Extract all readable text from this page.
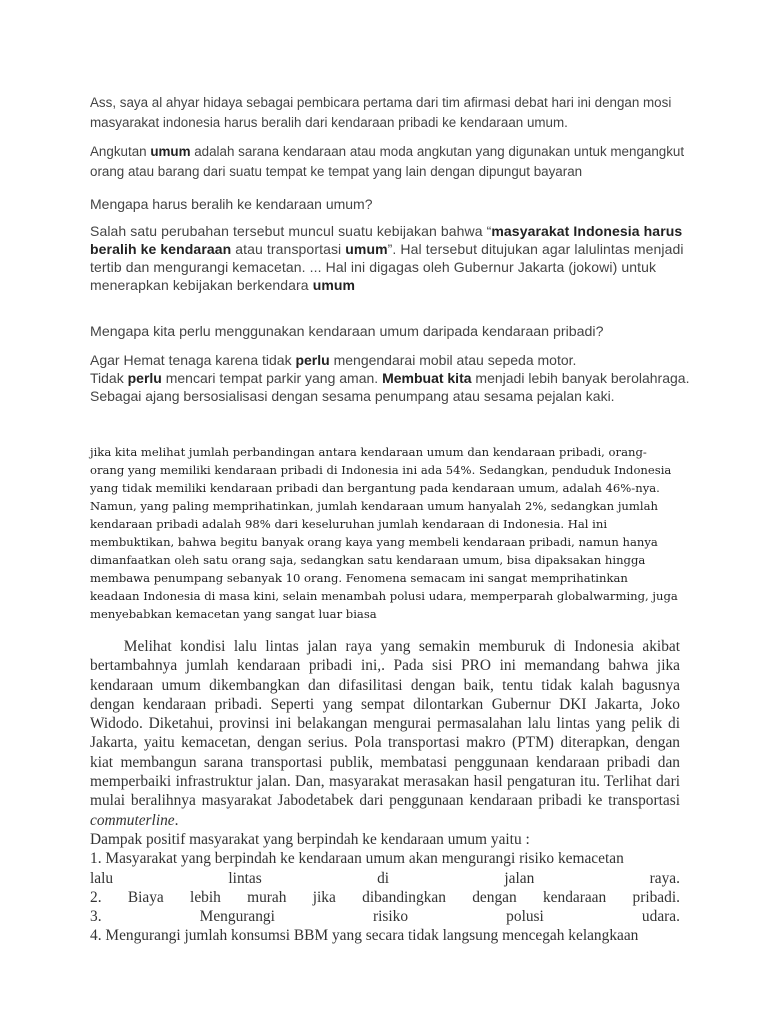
Ass, saya al ahyar hidaya sebagai pembicara pertama dari tim afirmasi debat hari ini dengan mosi masyarakat indonesia harus beralih dari kendaraan pribadi ke kendaraan umum.

Angkutan umum adalah sarana kendaraan atau moda angkutan yang digunakan untuk mengangkut orang atau barang dari suatu tempat ke tempat yang lain dengan dipungut bayaran

Mengapa harus beralih ke kendaraan umum?

Salah satu perubahan tersebut muncul suatu kebijakan bahwa “masyarakat Indonesia harus beralih ke kendaraan atau transportasi umum”. Hal tersebut ditujukan agar lalulintas menjadi tertib dan mengurangi kemacetan. ... Hal ini digagas oleh Gubernur Jakarta (jokowi) untuk menerapkan kebijakan berkendara umum

Mengapa kita perlu menggunakan kendaraan umum daripada kendaraan pribadi?

Agar Hemat tenaga karena tidak perlu mengendarai mobil atau sepeda motor.
Tidak perlu mencari tempat parkir yang aman. Membuat kita menjadi lebih banyak berolahraga. Sebagai ajang bersosialisasi dengan sesama penumpang atau sesama pejalan kaki.

jika kita melihat jumlah perbandingan antara kendaraan umum dan kendaraan pribadi, orang-orang yang memiliki kendaraan pribadi di Indonesia ini ada 54%. Sedangkan, penduduk Indonesia yang tidak memiliki kendaraan pribadi dan bergantung pada kendaraan umum, adalah 46%-nya. Namun, yang paling memprihatinkan, jumlah kendaraan umum hanyalah 2%, sedangkan jumlah kendaraan pribadi adalah 98% dari keseluruhan jumlah kendaraan di Indonesia. Hal ini membuktikan, bahwa begitu banyak orang kaya yang membeli kendaraan pribadi, namun hanya dimanfaatkan oleh satu orang saja, sedangkan satu kendaraan umum, bisa dipaksakan hingga membawa penumpang sebanyak 10 orang. Fenomena semacam ini sangat memprihatinkan keadaan Indonesia di masa kini, selain menambah polusi udara, memperparah globalwarming, juga menyebabkan kemacetan yang sangat luar biasa

Melihat kondisi lalu lintas jalan raya yang semakin memburuk di Indonesia akibat bertambahnya jumlah kendaraan pribadi ini,. Pada sisi PRO ini memandang bahwa jika kendaraan umum dikembangkan dan difasilitasi dengan baik, tentu tidak kalah bagusnya dengan kendaraan pribadi. Seperti yang sempat dilontarkan Gubernur DKI Jakarta, Joko Widodo. Diketahui, provinsi ini belakangan mengurai permasalahan lalu lintas yang pelik di Jakarta, yaitu kemacetan, dengan serius. Pola transportasi makro (PTM) diterapkan, dengan kiat membangun sarana transportasi publik, membatasi penggunaan kendaraan pribadi dan memperbaiki infrastruktur jalan. Dan, masyarakat merasakan hasil pengaturan itu. Terlihat dari mulai beralihnya masyarakat Jabodetabek dari penggunaan kendaraan pribadi ke transportasi commuterline.
Dampak positif masyarakat yang berpindah ke kendaraan umum yaitu :
1. Masyarakat yang berpindah ke kendaraan umum akan mengurangi risiko kemacetan
lalu	lintas	di	jalan	raya.
2. Biaya lebih murah jika dibandingkan dengan kendaraan pribadi.
3.	Mengurangi	risiko	polusi	udara.
4. Mengurangi jumlah konsumsi BBM yang secara tidak langsung mencegah kelangkaan
